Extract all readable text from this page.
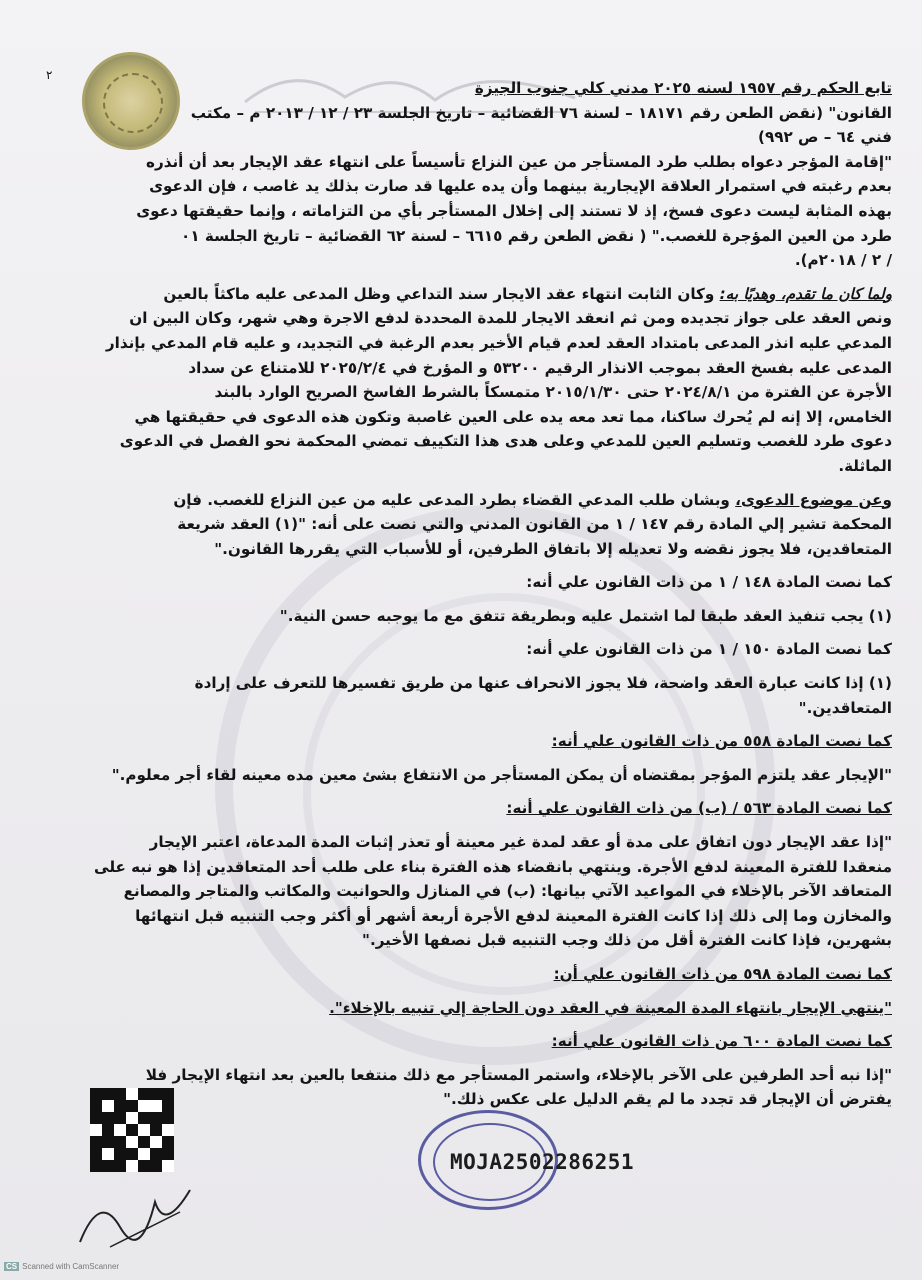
٢

تابع الحكم رقم ١٩٥٧ لسنه ٢٠٢٥ مدني كلي جنوب الجيزة

القانون" (نقض الطعن رقم ١٨١٧١ – لسنة ٧٦ القضائية – تاريخ الجلسة ٢٣ / ١٢ / ٢٠١٣ م – مكتب

فني ٦٤ – ص ٩٩٢)

"إقامة المؤجر دعواه بطلب طرد المستأجر من عين النزاع تأسيساً على انتهاء عقد الإيجار بعد أن أنذره

بعدم رغبته في استمرار العلاقة الإيجارية بينهما وأن يده عليها قد صارت بذلك يد غاصب ، فإن الدعوى

بهذه المثابة ليست دعوى فسخ، إذ لا تستند إلى إخلال المستأجر بأي من التزاماته ، وإنما حقيقتها دعوى

طرد من العين المؤجرة للغصب." ( نقض الطعن رقم ٦٦١٥ – لسنة ٦٢ القضائية – تاريخ الجلسة ٠١

/ ٢ / ٢٠١٨م).

ولما كان ما تقدم، وهديًا به: وكان الثابت انتهاء عقد الايجار سند التداعي وظل المدعى عليه ماكثاً بالعين

ونص العقد على جواز تجديده ومن ثم انعقد الايجار للمدة المحددة لدفع الاجرة وهي شهر، وكان البين ان

المدعي عليه انذر المدعى بامتداد العقد لعدم قيام الأخير بعدم الرغبة في التجديد، و عليه قام المدعي بإنذار

المدعى عليه بفسخ العقد بموجب الانذار الرقيم ٥٣٢٠٠ و المؤرخ في ٢٠٢٥/٢/٤ للامتناع عن سداد

الأجرة عن الفترة من ٢٠٢٤/٨/١ حتى ٢٠١٥/١/٣٠ متمسكاً بالشرط الفاسخ الصريح الوارد بالبند

الخامس، إلا إنه لم يُحرك ساكنا، مما تعد معه يده على العين غاصبة وتكون هذه الدعوى في حقيقتها هي

دعوى طرد للغصب وتسليم العين للمدعي وعلى هدى هذا التكييف تمضي المحكمة نحو الفصل في الدعوى

الماثلة.

وعن موضوع الدعوى، وبشان طلب المدعي القضاء بطرد المدعى عليه من عين النزاع للغصب. فإن

المحكمة تشير إلي المادة رقم ١٤٧ / ١ من القانون المدني والتي نصت على أنه: "(١) العقد شريعة

المتعاقدين، فلا يجوز نقضه ولا تعديله إلا باتفاق الطرفين، أو للأسباب التي يقررها القانون."

كما نصت المادة ١٤٨ / ١ من ذات القانون علي أنه:

(١) يجب تنفيذ العقد طبقا لما اشتمل عليه وبطريقة تتفق مع ما يوجبه حسن النية."

كما نصت المادة ١٥٠ / ١ من ذات القانون علي أنه:

(١) إذا كانت عبارة العقد واضحة، فلا يجوز الانحراف عنها من طريق تفسيرها للتعرف على إرادة

المتعاقدين."

كما نصت المادة ٥٥٨ من ذات القانون علي أنه:

"الإيجار عقد يلتزم المؤجر بمقتضاه أن يمكن المستأجر من الانتفاع بشئ معين مده معينه لقاء أجر معلوم."

كما نصت المادة ٥٦٣ / (ب) من ذات القانون علي أنه:

"إذا عقد الإيجار دون اتفاق على مدة أو عقد لمدة غير معينة أو تعذر إثبات المدة المدعاة، اعتبر الإيجار

منعقدا للفترة المعينة لدفع الأجرة. وينتهي بانقضاء هذه الفترة بناء على طلب أحد المتعاقدين إذا هو نبه على

المتعاقد الآخر بالإخلاء في المواعيد الآتي بيانها: (ب) في المنازل والحوانيت والمكاتب والمتاجر والمصانع

والمخازن وما إلى ذلك إذا كانت الفترة المعينة لدفع الأجرة أربعة أشهر أو أكثر وجب التنبيه قبل انتهائها

بشهرين، فإذا كانت الفترة أقل من ذلك وجب التنبيه قبل نصفها الأخير."

كما نصت المادة ٥٩٨ من ذات القانون علي أن:

"ينتهي الإيجار بانتهاء المدة المعينة في العقد دون الحاجة إلي تنبيه بالإخلاء".

كما نصت المادة ٦٠٠ من ذات القانون علي أنه:

"إذا نبه أحد الطرفين على الآخر بالإخلاء، واستمر المستأجر مع ذلك منتفعا بالعين بعد انتهاء الإيجار فلا

يفترض أن الإيجار قد تجدد ما لم يقم الدليل على عكس ذلك."

MOJA2502286251
CS Scanned with CamScanner
